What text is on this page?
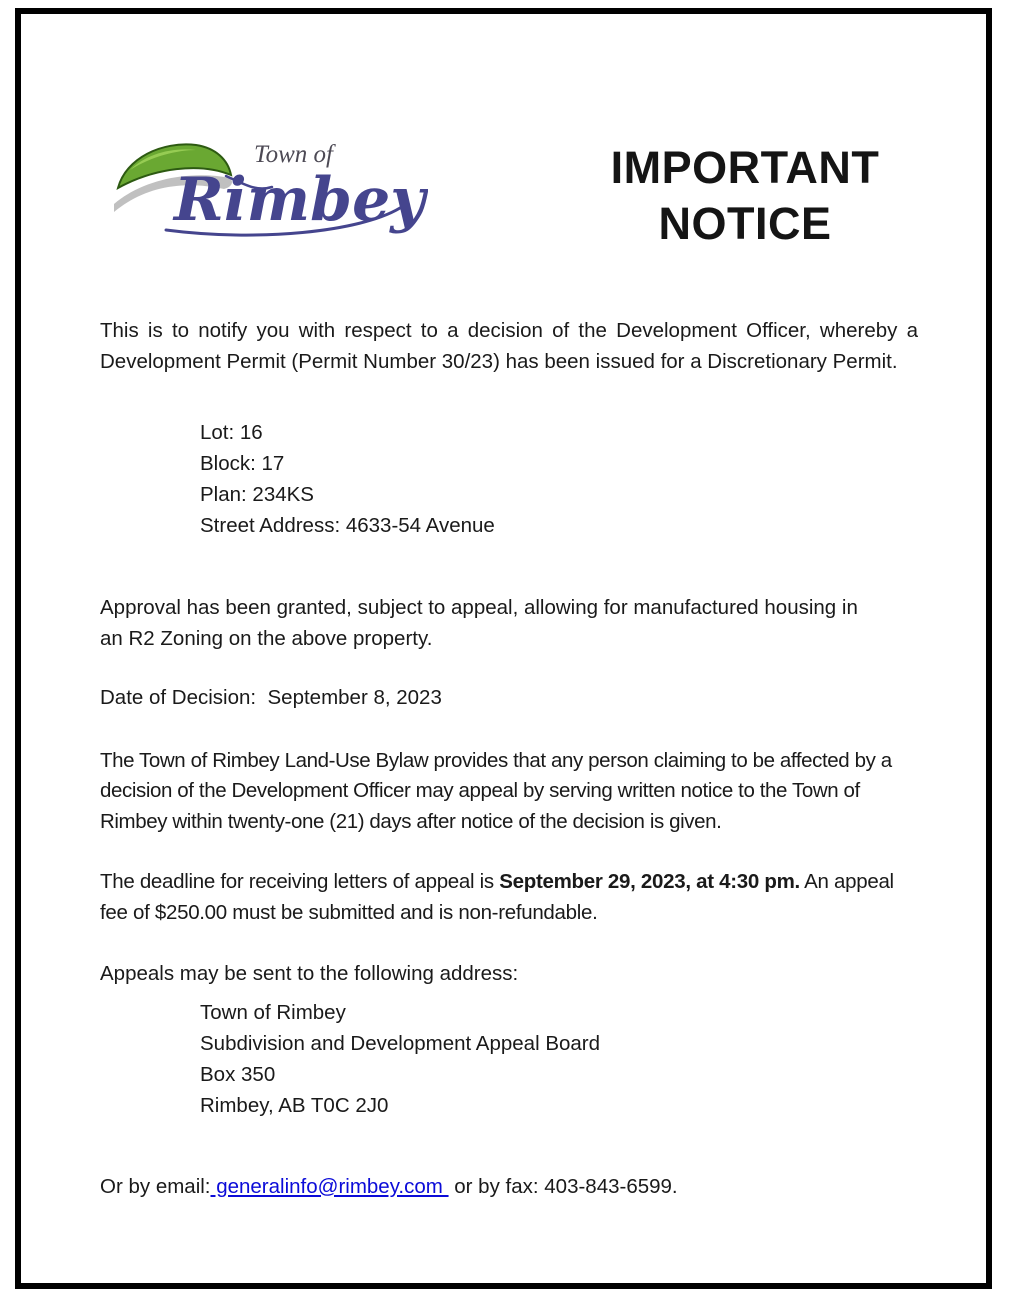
Town of
Rimbey	IMPORTANT
NOTICE

This is to notify you with respect to a decision of the Development Officer, whereby a Development Permit (Permit Number 30/23) has been issued for a Discretionary Permit.

Lot: 16
Block: 17
Plan: 234KS
Street Address: 4633-54 Avenue

Approval has been granted, subject to appeal, allowing for manufactured housing in an R2 Zoning on the above property.

Date of Decision:  September 8, 2023

The Town of Rimbey Land-Use Bylaw provides that any person claiming to be affected by a decision of the Development Officer may appeal by serving written notice to the Town of Rimbey within twenty-one (21) days after notice of the decision is given.

The deadline for receiving letters of appeal is September 29, 2023, at 4:30 pm. An appeal fee of $250.00 must be submitted and is non-refundable.

Appeals may be sent to the following address:

Town of Rimbey
Subdivision and Development Appeal Board
Box 350
Rimbey, AB T0C 2J0

Or by email: generalinfo@rimbey.com  or by fax: 403-843-6599.
